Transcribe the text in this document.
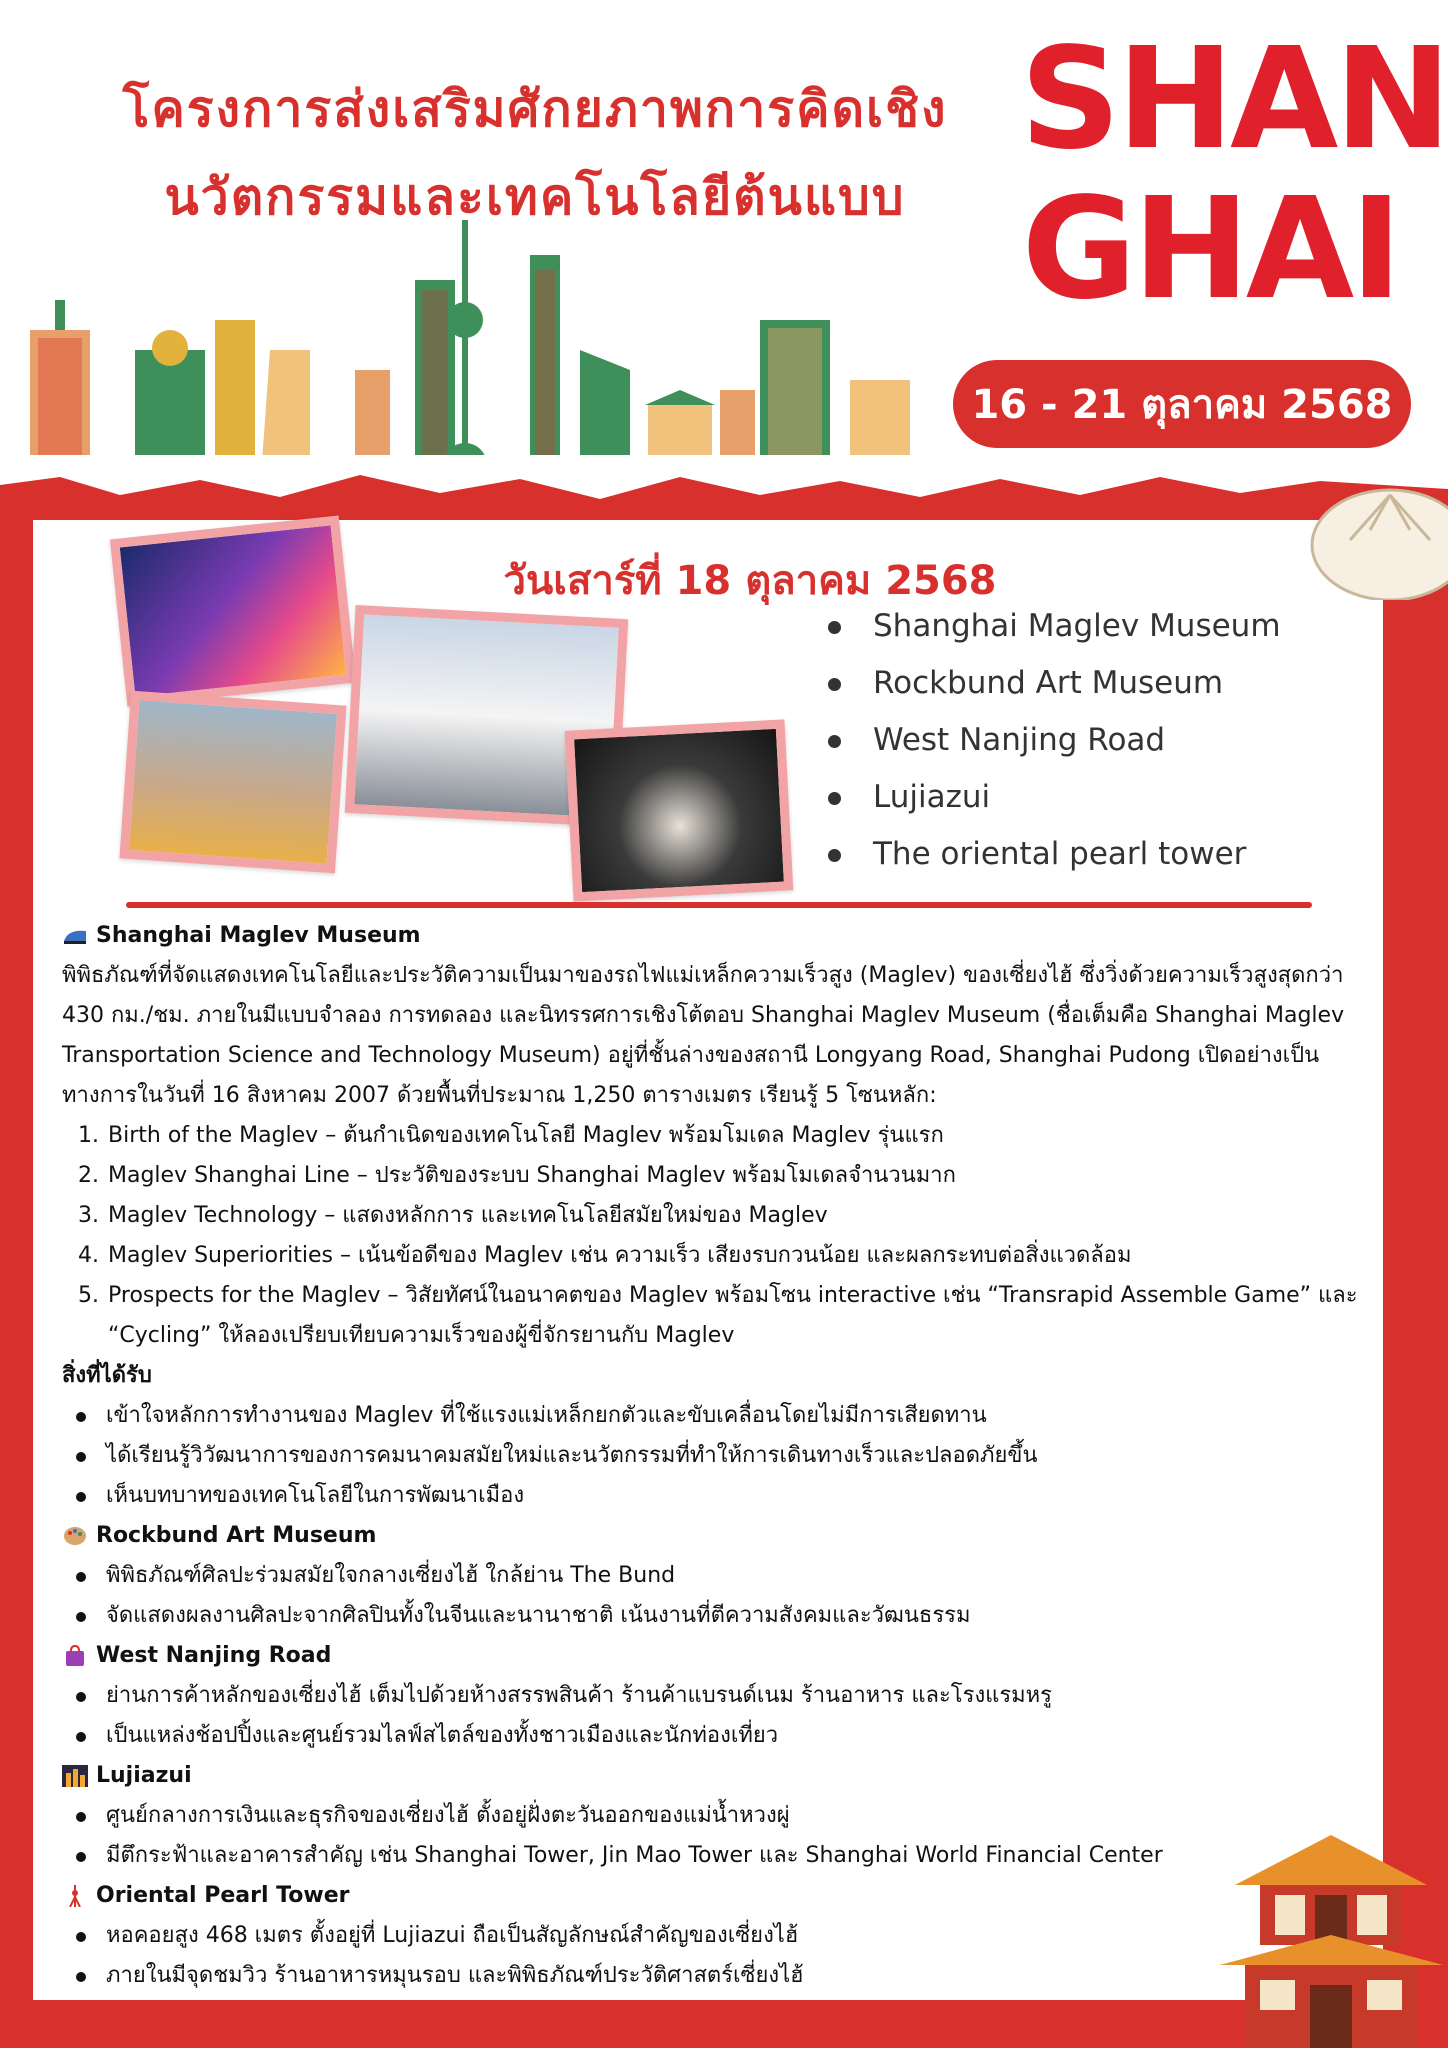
โครงการส่งเสริมศักยภาพการคิดเชิง
นวัตกรรมและเทคโนโลยีต้นแบบ
SHAN
GHAI
16 - 21 ตุลาคม 2568
วันเสาร์ที่ 18 ตุลาคม 2568
Shanghai Maglev Museum
Rockbund Art Museum
West Nanjing Road
Lujiazui
The oriental pearl tower
Shanghai Maglev Museum

พิพิธภัณฑ์ที่จัดแสดงเทคโนโลยีและประวัติความเป็นมาของรถไฟแม่เหล็กความเร็วสูง (Maglev) ของเซี่ยงไฮ้ ซึ่งวิ่งด้วยความเร็วสูงสุดกว่า 430 กม./ชม. ภายในมีแบบจำลอง การทดลอง และนิทรรศการเชิงโต้ตอบ Shanghai Maglev Museum (ชื่อเต็มคือ Shanghai Maglev Transportation Science and Technology Museum) อยู่ที่ชั้นล่างของสถานี Longyang Road, Shanghai Pudong เปิดอย่างเป็นทางการในวันที่ 16 สิงหาคม 2007 ด้วยพื้นที่ประมาณ 1,250 ตารางเมตร เรียนรู้ 5 โซนหลัก:

1. Birth of the Maglev – ต้นกำเนิดของเทคโนโลยี Maglev พร้อมโมเดล Maglev รุ่นแรก
2. Maglev Shanghai Line – ประวัติของระบบ Shanghai Maglev พร้อมโมเดลจำนวนมาก
3. Maglev Technology – แสดงหลักการ และเทคโนโลยีสมัยใหม่ของ Maglev
4. Maglev Superiorities – เน้นข้อดีของ Maglev เช่น ความเร็ว เสียงรบกวนน้อย และผลกระทบต่อสิ่งแวดล้อม
5. Prospects for the Maglev – วิสัยทัศน์ในอนาคตของ Maglev พร้อมโซน interactive เช่น “Transrapid Assemble Game” และ “Cycling” ให้ลองเปรียบเทียบความเร็วของผู้ขี่จักรยานกับ Maglev
สิ่งที่ได้รับ
เข้าใจหลักการทำงานของ Maglev ที่ใช้แรงแม่เหล็กยกตัวและขับเคลื่อนโดยไม่มีการเสียดทาน
ได้เรียนรู้วิวัฒนาการของการคมนาคมสมัยใหม่และนวัตกรรมที่ทำให้การเดินทางเร็วและปลอดภัยขึ้น
เห็นบทบาทของเทคโนโลยีในการพัฒนาเมือง
Rockbund Art Museum
พิพิธภัณฑ์ศิลปะร่วมสมัยใจกลางเซี่ยงไฮ้ ใกล้ย่าน The Bund
จัดแสดงผลงานศิลปะจากศิลปินทั้งในจีนและนานาชาติ เน้นงานที่ตีความสังคมและวัฒนธรรม
West Nanjing Road
ย่านการค้าหลักของเซี่ยงไฮ้ เต็มไปด้วยห้างสรรพสินค้า ร้านค้าแบรนด์เนม ร้านอาหาร และโรงแรมหรู
เป็นแหล่งช้อปปิ้งและศูนย์รวมไลฟ์สไตล์ของทั้งชาวเมืองและนักท่องเที่ยว
Lujiazui
ศูนย์กลางการเงินและธุรกิจของเซี่ยงไฮ้ ตั้งอยู่ฝั่งตะวันออกของแม่น้ำหวงผู่
มีตึกระฟ้าและอาคารสำคัญ เช่น Shanghai Tower, Jin Mao Tower และ Shanghai World Financial Center
Oriental Pearl Tower
หอคอยสูง 468 เมตร ตั้งอยู่ที่ Lujiazui ถือเป็นสัญลักษณ์สำคัญของเซี่ยงไฮ้
ภายในมีจุดชมวิว ร้านอาหารหมุนรอบ และพิพิธภัณฑ์ประวัติศาสตร์เซี่ยงไฮ้
